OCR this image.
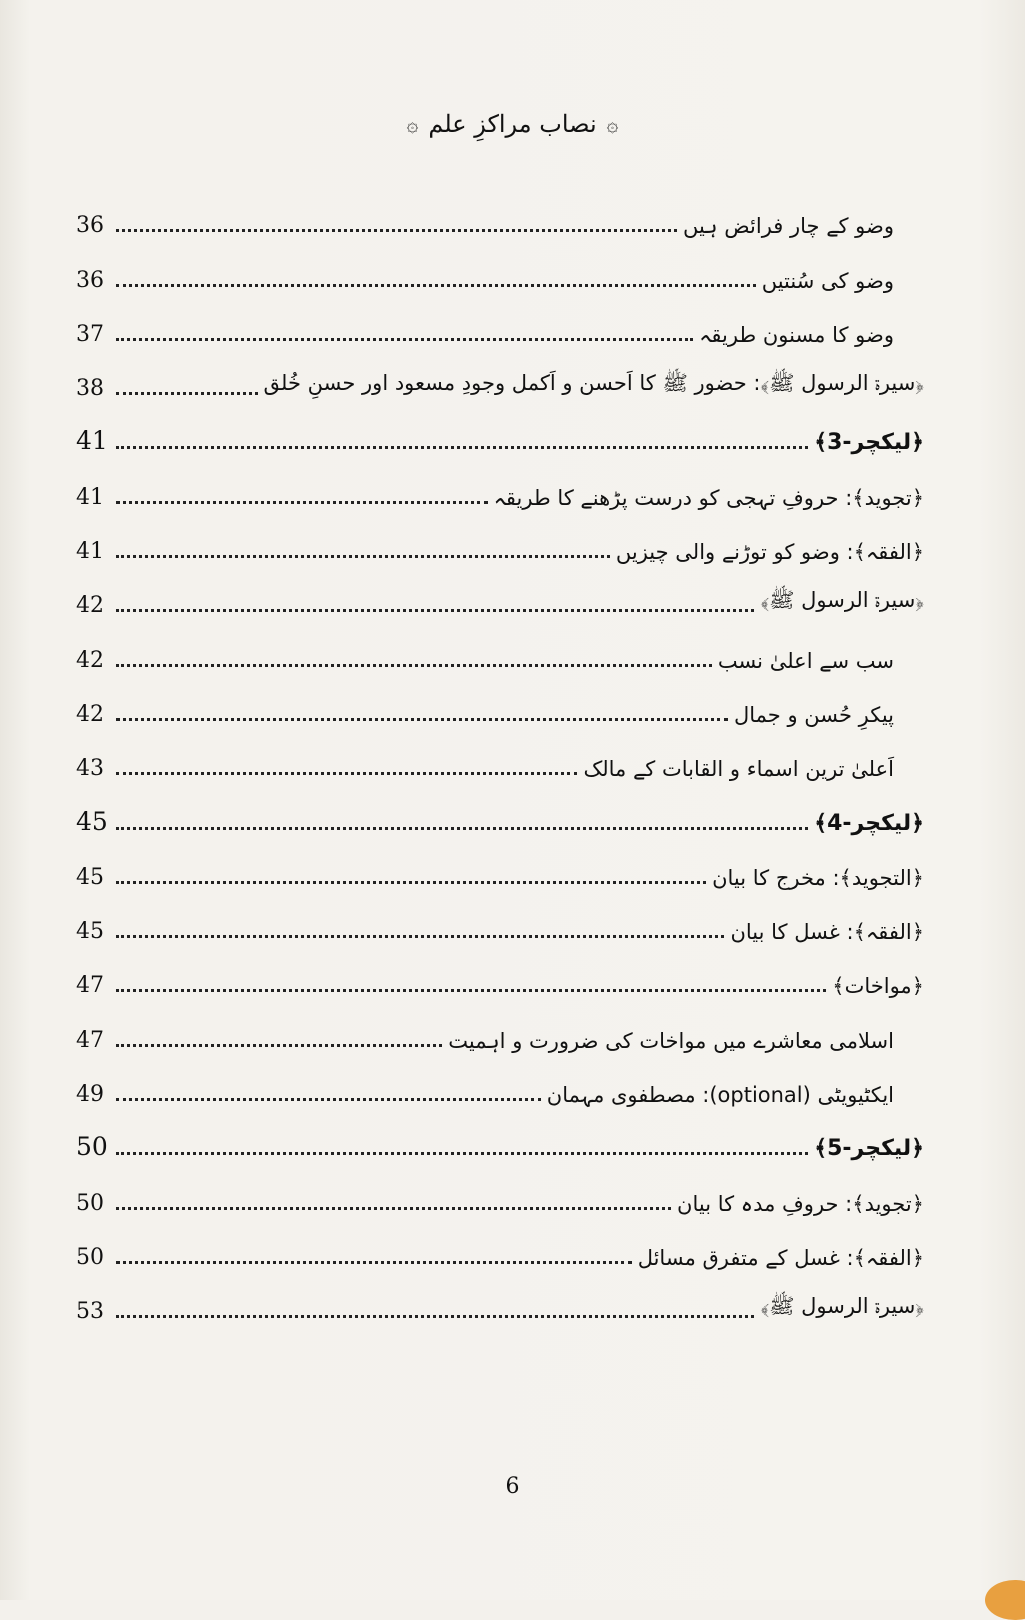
۞
نصاب مراکزِ علم
۞
وضو کے چار فرائض ہیں
36
وضو کی سُنتیں
36
وضو کا مسنون طریقہ
37
﴿سیرۃ الرسول ﷺ﴾: حضور ﷺ کا اَحسن و اَکمل وجودِ مسعود اور حسنِ خُلق
38
﴿لیکچر-3﴾
41
﴿تجوید﴾: حروفِ تہجی کو درست پڑھنے کا طریقہ
41
﴿الفقہ﴾: وضو کو توڑنے والی چیزیں
41
﴿سیرۃ الرسول ﷺ﴾
42
سب سے اعلیٰ نسب
42
پیکرِ حُسن و جمال
42
اَعلیٰ ترین اسماء و القابات کے مالک
43
﴿لیکچر-4﴾
45
﴿التجوید﴾: مخرج کا بیان
45
﴿الفقہ﴾: غسل کا بیان
45
﴿مواخات﴾
47
اسلامی معاشرے میں مواخات کی ضرورت و اہمیت
47
ایکٹیویٹی (optional): مصطفوی مہمان
49
﴿لیکچر-5﴾
50
﴿تجوید﴾: حروفِ مدہ کا بیان
50
﴿الفقہ﴾: غسل کے متفرق مسائل
50
﴿سیرۃ الرسول ﷺ﴾
53
6
